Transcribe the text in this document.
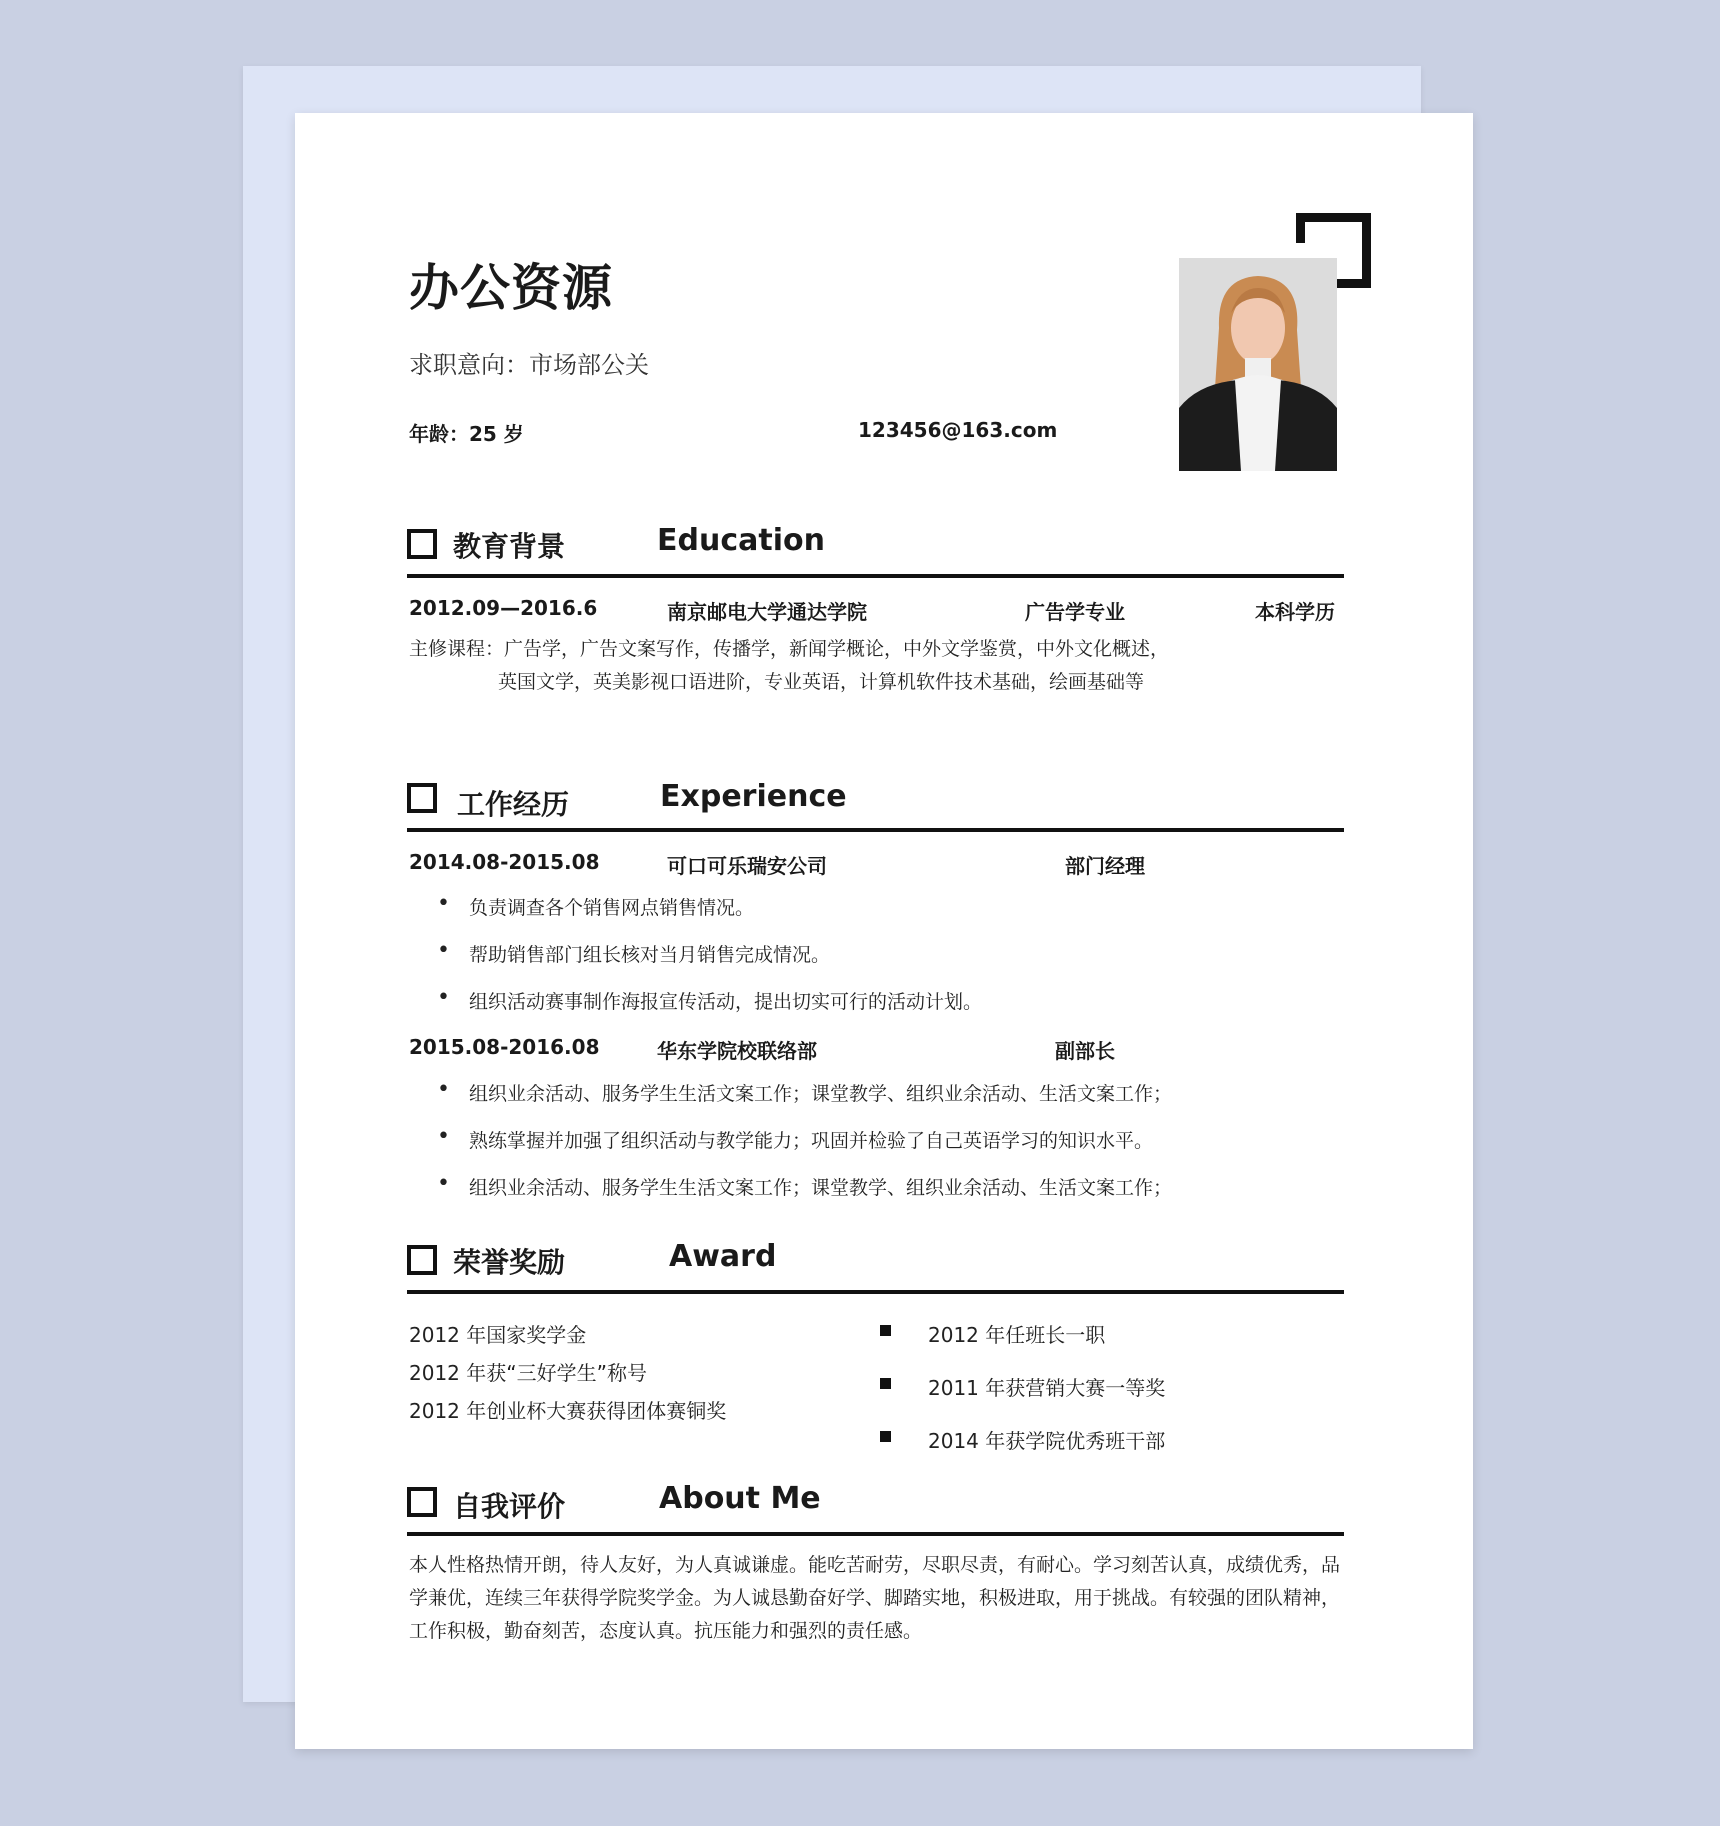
办公资源
求职意向：市场部公关
年龄：25 岁	123456@163.com
教育背景	Education
2012.09—2016.6	南京邮电大学通达学院	广告学专业	本科学历
主修课程：广告学，广告文案写作，传播学，新闻学概论，中外文学鉴赏，中外文化概述，
英国文学，英美影视口语进阶，专业英语，计算机软件技术基础，绘画基础等
工作经历	Experience
2014.08-2015.08	可口可乐瑞安公司	部门经理
• 负责调查各个销售网点销售情况。
• 帮助销售部门组长核对当月销售完成情况。
• 组织活动赛事制作海报宣传活动，提出切实可行的活动计划。
2015.08-2016.08	华东学院校联络部	副部长
• 组织业余活动、服务学生生活文案工作；课堂教学、组织业余活动、生活文案工作；
• 熟练掌握并加强了组织活动与教学能力；巩固并检验了自己英语学习的知识水平。
• 组织业余活动、服务学生生活文案工作；课堂教学、组织业余活动、生活文案工作；
荣誉奖励	Award
2012 年国家奖学金
2012 年获“三好学生”称号
2012 年创业杯大赛获得团体赛铜奖
2012 年任班长一职
2011 年获营销大赛一等奖
2014 年获学院优秀班干部
自我评价	About Me
本人性格热情开朗，待人友好，为人真诚谦虚。能吃苦耐劳，尽职尽责，有耐心。学习刻苦认真，成绩优秀，品学兼优，连续三年获得学院奖学金。为人诚恳勤奋好学、脚踏实地，积极进取，用于挑战。有较强的团队精神，工作积极，勤奋刻苦，态度认真。抗压能力和强烈的责任感。
